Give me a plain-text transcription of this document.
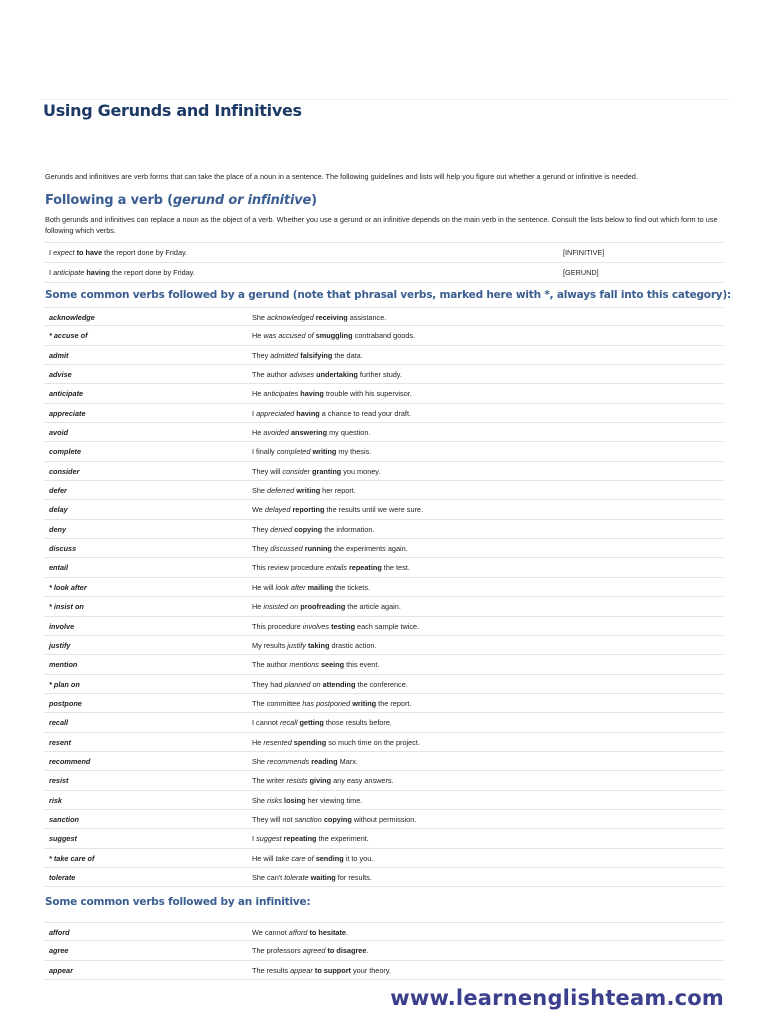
Using Gerunds and Infinitives

Gerunds and infinitives are verb forms that can take the place of a noun in a sentence. The following guidelines and lists will help you figure out whether a gerund or infinitive is needed.

Following a verb (gerund or infinitive)

Both gerunds and infinitives can replace a noun as the object of a verb. Whether you use a gerund or an infinitive depends on the main verb in the sentence. Consult the lists below to find out which form to use following which verbs.

I expect to have the report done by Friday.	[INFINITIVE]
I anticipate having the report done by Friday.	[GERUND]
Some common verbs followed by a gerund (note that phrasal verbs, marked here with *, always fall into this category):
acknowledge	She acknowledged receiving assistance.
* accuse of	He was accused of smuggling contraband goods.
admit	They admitted falsifying the data.
advise	The author advises undertaking further study.
anticipate	He anticipates having trouble with his supervisor.
appreciate	I appreciated having a chance to read your draft.
avoid	He avoided answering my question.
complete	I finally completed writing my thesis.
consider	They will consider granting you money.
defer	She deferred writing her report.
delay	We delayed reporting the results until we were sure.
deny	They denied copying the information.
discuss	They discussed running the experiments again.
entail	This review procedure entails repeating the test.
* look after	He will look after mailing the tickets.
* insist on	He insisted on proofreading the article again.
involve	This procedure involves testing each sample twice.
justify	My results justify taking drastic action.
mention	The author mentions seeing this event.
* plan on	They had planned on attending the conference.
postpone	The committee has postponed writing the report.
recall	I cannot recall getting those results before.
resent	He resented spending so much time on the project.
recommend	She recommends reading Marx.
resist	The writer resists giving any easy answers.
risk	She risks losing her viewing time.
sanction	They will not sanction copying without permission.
suggest	I suggest repeating the experiment.
* take care of	He will take care of sending it to you.
tolerate	She can't tolerate waiting for results.
Some common verbs followed by an infinitive:
afford	We cannot afford to hesitate.
agree	The professors agreed to disagree.
appear	The results appear to support your theory.

www.learnenglishteam.com
